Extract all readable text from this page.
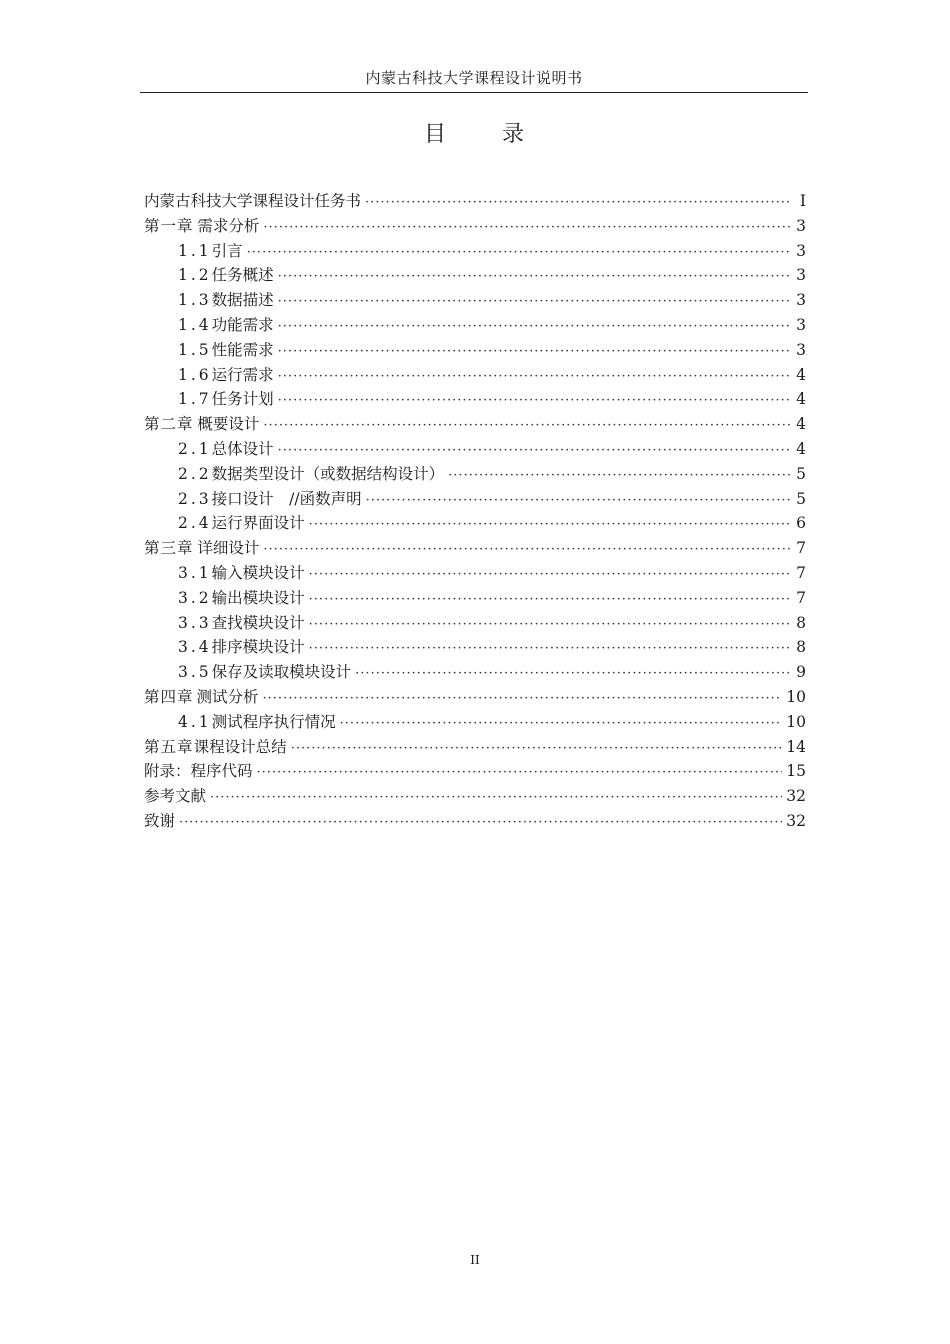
内蒙古科技大学课程设计说明书
目	录
内蒙古科技大学课程设计任务书 ·····	I
第一章 需求分析 ·····	3
1.1 引言 ·····	3
1.2 任务概述 ·····	3
1.3 数据描述 ·····	3
1.4 功能需求 ·····	3
1.5 性能需求 ·····	3
1.6 运行需求 ·····	4
1.7 任务计划 ·····	4
第二章 概要设计 ·····	4
2.1 总体设计 ·····	4
2.2 数据类型设计（或数据结构设计） ·····	5
2.3 接口设计　//函数声明 ·····	5
2.4 运行界面设计 ·····	6
第三章 详细设计 ·····	7
3.1 输入模块设计 ·····	7
3.2 输出模块设计 ·····	7
3.3 查找模块设计 ·····	8
3.4 排序模块设计 ·····	8
3.5 保存及读取模块设计 ·····	9
第四章 测试分析 ·····	10
4.1 测试程序执行情况 ·····	10
第五章 课程设计总结 ·····	14
附录：程序代码 ·····	15
参考文献 ·····	32
致谢 ·····	32
II
